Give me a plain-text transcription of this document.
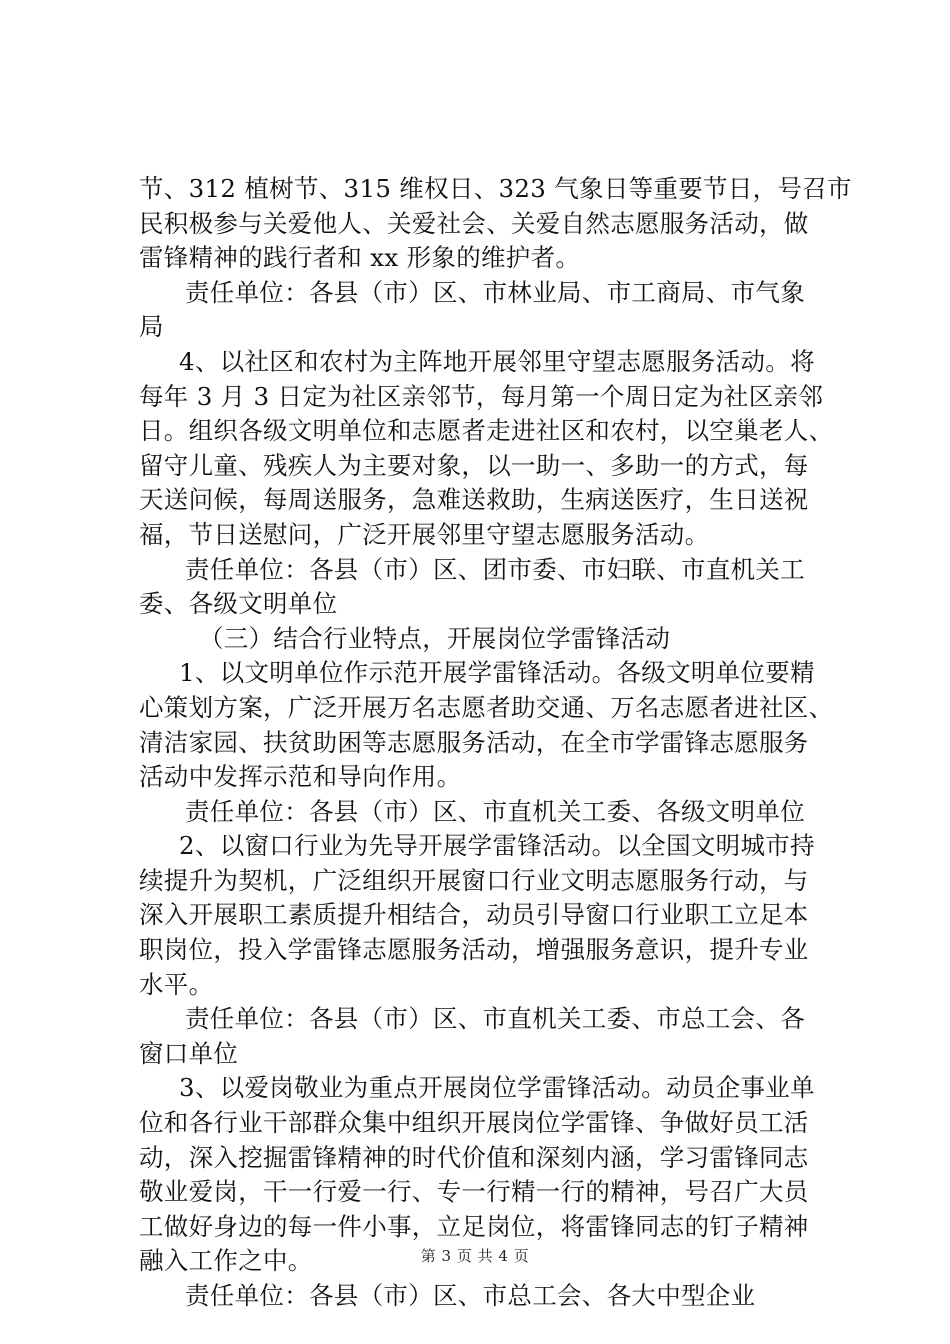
节、312 植树节、315 维权日、323 气象日等重要节日，号召市
民积极参与关爱他人、关爱社会、关爱自然志愿服务活动，做
雷锋精神的践行者和 xx 形象的维护者。
责任单位：各县（市）区、市林业局、市工商局、市气象
局
4、以社区和农村为主阵地开展邻里守望志愿服务活动。将
每年 3 月 3 日定为社区亲邻节，每月第一个周日定为社区亲邻
日。组织各级文明单位和志愿者走进社区和农村，以空巢老人、
留守儿童、残疾人为主要对象，以一助一、多助一的方式，每
天送问候，每周送服务，急难送救助，生病送医疗，生日送祝
福，节日送慰问，广泛开展邻里守望志愿服务活动。
责任单位：各县（市）区、团市委、市妇联、市直机关工
委、各级文明单位
（三）结合行业特点，开展岗位学雷锋活动
1、以文明单位作示范开展学雷锋活动。各级文明单位要精
心策划方案，广泛开展万名志愿者助交通、万名志愿者进社区、
清洁家园、扶贫助困等志愿服务活动，在全市学雷锋志愿服务
活动中发挥示范和导向作用。
责任单位：各县（市）区、市直机关工委、各级文明单位
2、以窗口行业为先导开展学雷锋活动。以全国文明城市持
续提升为契机，广泛组织开展窗口行业文明志愿服务行动，与
深入开展职工素质提升相结合，动员引导窗口行业职工立足本
职岗位，投入学雷锋志愿服务活动，增强服务意识，提升专业
水平。
责任单位：各县（市）区、市直机关工委、市总工会、各
窗口单位
3、以爱岗敬业为重点开展岗位学雷锋活动。动员企事业单
位和各行业干部群众集中组织开展岗位学雷锋、争做好员工活
动，深入挖掘雷锋精神的时代价值和深刻内涵，学习雷锋同志
敬业爱岗，干一行爱一行、专一行精一行的精神，号召广大员
工做好身边的每一件小事，立足岗位，将雷锋同志的钉子精神
融入工作之中。
责任单位：各县（市）区、市总工会、各大中型企业
第 3 页 共 4 页
